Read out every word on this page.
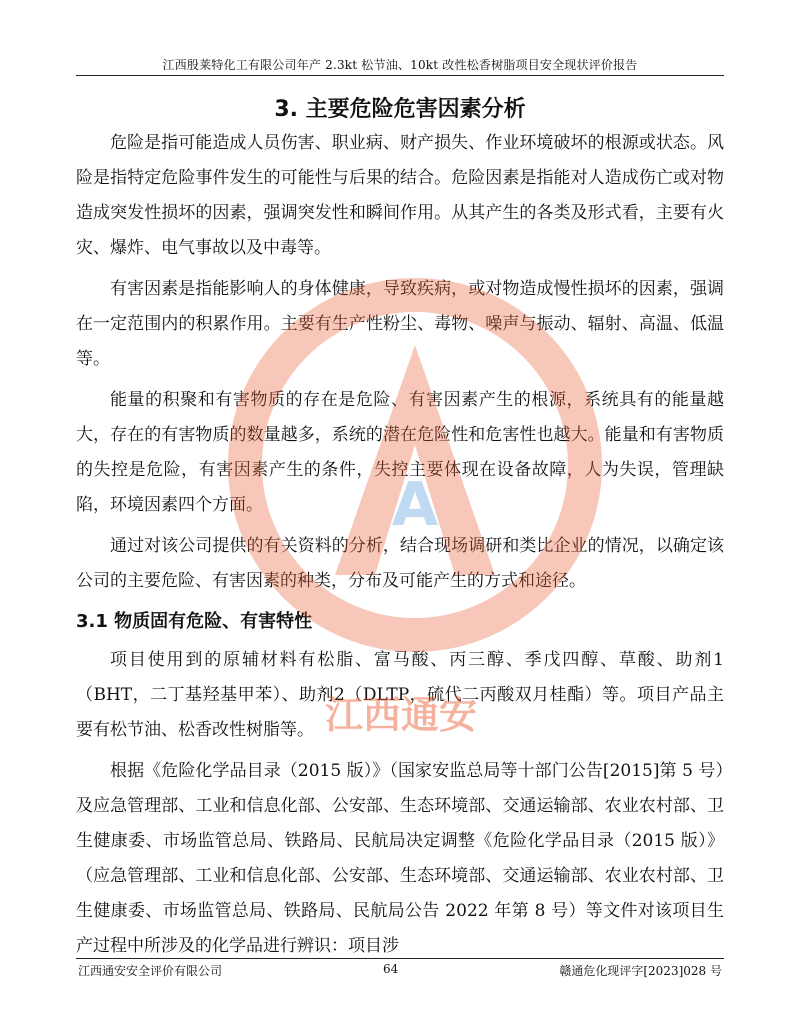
江西殷莱特化工有限公司年产 2.3kt 松节油、10kt 改性松香树脂项目安全现状评价报告
3. 主要危险危害因素分析

危险是指可能造成人员伤害、职业病、财产损失、作业环境破坏的根源或状态。风险是指特定危险事件发生的可能性与后果的结合。危险因素是指能对人造成伤亡或对物造成突发性损坏的因素，强调突发性和瞬间作用。从其产生的各类及形式看，主要有火灾、爆炸、电气事故以及中毒等。

有害因素是指能影响人的身体健康，导致疾病，或对物造成慢性损坏的因素，强调在一定范围内的积累作用。主要有生产性粉尘、毒物、噪声与振动、辐射、高温、低温等。

能量的积聚和有害物质的存在是危险、有害因素产生的根源，系统具有的能量越大，存在的有害物质的数量越多，系统的潜在危险性和危害性也越大。能量和有害物质的失控是危险，有害因素产生的条件，失控主要体现在设备故障，人为失误，管理缺陷，环境因素四个方面。

通过对该公司提供的有关资料的分析，结合现场调研和类比企业的情况，以确定该公司的主要危险、有害因素的种类，分布及可能产生的方式和途径。

3.1 物质固有危险、有害特性

项目使用到的原辅材料有松脂、富马酸、丙三醇、季戊四醇、草酸、助剂1（BHT，二丁基羟基甲苯）、助剂2（DLTP，硫代二丙酸双月桂酯）等。项目产品主要有松节油、松香改性树脂等。

根据《危险化学品目录（2015 版）》（国家安监总局等十部门公告[2015]第 5 号）及应急管理部、工业和信息化部、公安部、生态环境部、交通运输部、农业农村部、卫生健康委、市场监管总局、铁路局、民航局决定调整《危险化学品目录（2015 版）》（应急管理部、工业和信息化部、公安部、生态环境部、交通运输部、农业农村部、卫生健康委、市场监管总局、铁路局、民航局公告 2022 年第 8 号）等文件对该项目生产过程中所涉及的化学品进行辨识：项目涉

A
江西通安
江西通安安全评价有限公司	64	赣通危化现评字[2023]028 号
